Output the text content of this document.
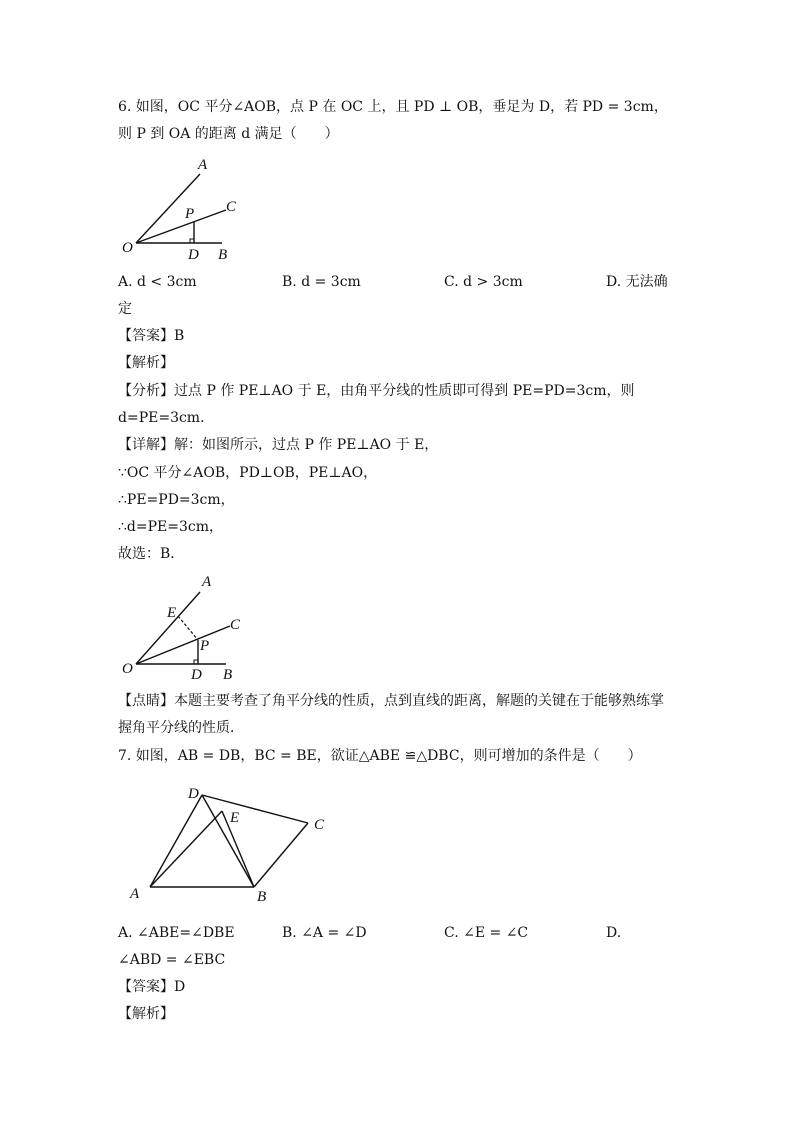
6. 如图，OC 平分∠AOB，点 P 在 OC 上，且 PD ⊥ OB，垂足为 D，若 PD = 3cm，
则 P 到 OA 的距离 d 满足（　　）
A
C
P
O	D B
A. d < 3cm	B. d = 3cm	C. d > 3cm	D. 无法确
定
【答案】B
【解析】
【分析】过点 P 作 PE⊥AO 于 E，由角平分线的性质即可得到 PE=PD=3cm，则
d=PE=3cm．
【详解】解：如图所示，过点 P 作 PE⊥AO 于 E，
∵OC 平分∠AOB，PD⊥OB，PE⊥AO，
∴PE=PD=3cm，
∴d=PE=3cm，
故选：B．
A
E
C
P
O	D B
【点睛】本题主要考查了角平分线的性质，点到直线的距离，解题的关键在于能够熟练掌
握角平分线的性质．
7. 如图，AB = DB，BC = BE，欲证△ABE ≌△DBC，则可增加的条件是（　　）
D
E	C
A	B
A. ∠ABE=∠DBE	B. ∠A = ∠D	C. ∠E = ∠C	D.
∠ABD = ∠EBC
【答案】D
【解析】
